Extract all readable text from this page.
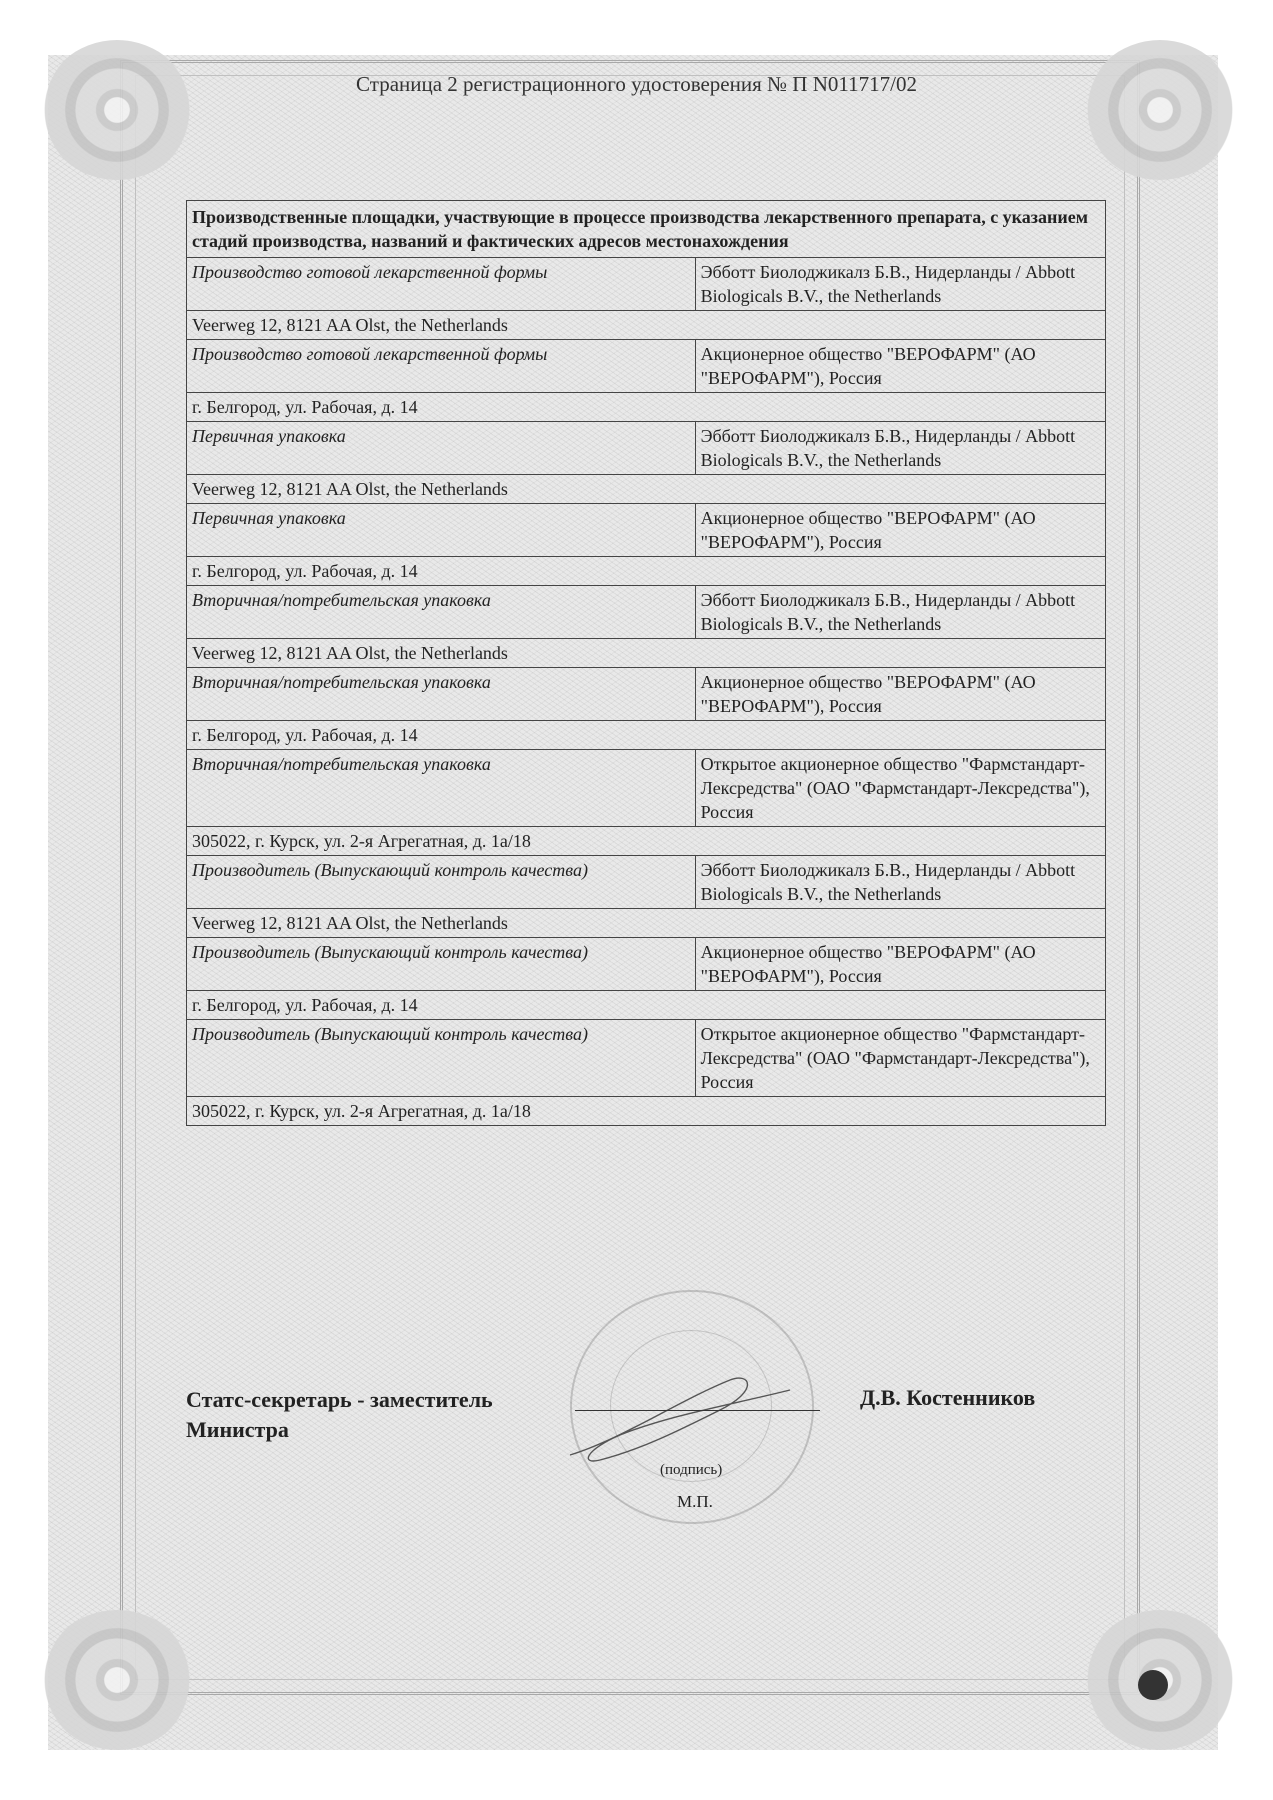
Страница 2 регистрационного удостоверения № П N011717/02
Производственные площадки, участвующие в процессе производства лекарственного препарата, с указанием стадий производства, названий и фактических адресов местонахождения	
Производство готовой лекарственной формы	Эбботт Биолоджикалз Б.В., Нидерланды / Abbott Biologicals B.V., the Netherlands
Veerweg 12, 8121 AA Olst, the Netherlands	
Производство готовой лекарственной формы	Акционерное общество "ВЕРОФАРМ" (АО "ВЕРОФАРМ"), Россия
г. Белгород, ул. Рабочая, д. 14	
Первичная упаковка	Эбботт Биолоджикалз Б.В., Нидерланды / Abbott Biologicals B.V., the Netherlands
Veerweg 12, 8121 AA Olst, the Netherlands	
Первичная упаковка	Акционерное общество "ВЕРОФАРМ" (АО "ВЕРОФАРМ"), Россия
г. Белгород, ул. Рабочая, д. 14	
Вторичная/потребительская упаковка	Эбботт Биолоджикалз Б.В., Нидерланды / Abbott Biologicals B.V., the Netherlands
Veerweg 12, 8121 AA Olst, the Netherlands	
Вторичная/потребительская упаковка	Акционерное общество "ВЕРОФАРМ" (АО "ВЕРОФАРМ"), Россия
г. Белгород, ул. Рабочая, д. 14	
Вторичная/потребительская упаковка	Открытое акционерное общество "Фармстандарт-Лексредства" (ОАО "Фармстандарт-Лексредства"), Россия
305022, г. Курск, ул. 2-я Агрегатная, д. 1а/18	
Производитель (Выпускающий контроль качества)	Эбботт Биолоджикалз Б.В., Нидерланды / Abbott Biologicals B.V., the Netherlands
Veerweg 12, 8121 AA Olst, the Netherlands	
Производитель (Выпускающий контроль качества)	Акционерное общество "ВЕРОФАРМ" (АО "ВЕРОФАРМ"), Россия
г. Белгород, ул. Рабочая, д. 14	
Производитель (Выпускающий контроль качества)	Открытое акционерное общество "Фармстандарт-Лексредства" (ОАО "Фармстандарт-Лексредства"), Россия
305022, г. Курск, ул. 2-я Агрегатная, д. 1а/18	
Статс-секретарь - заместитель
Министра
Д.В. Костенников
(подпись)
М.П.
